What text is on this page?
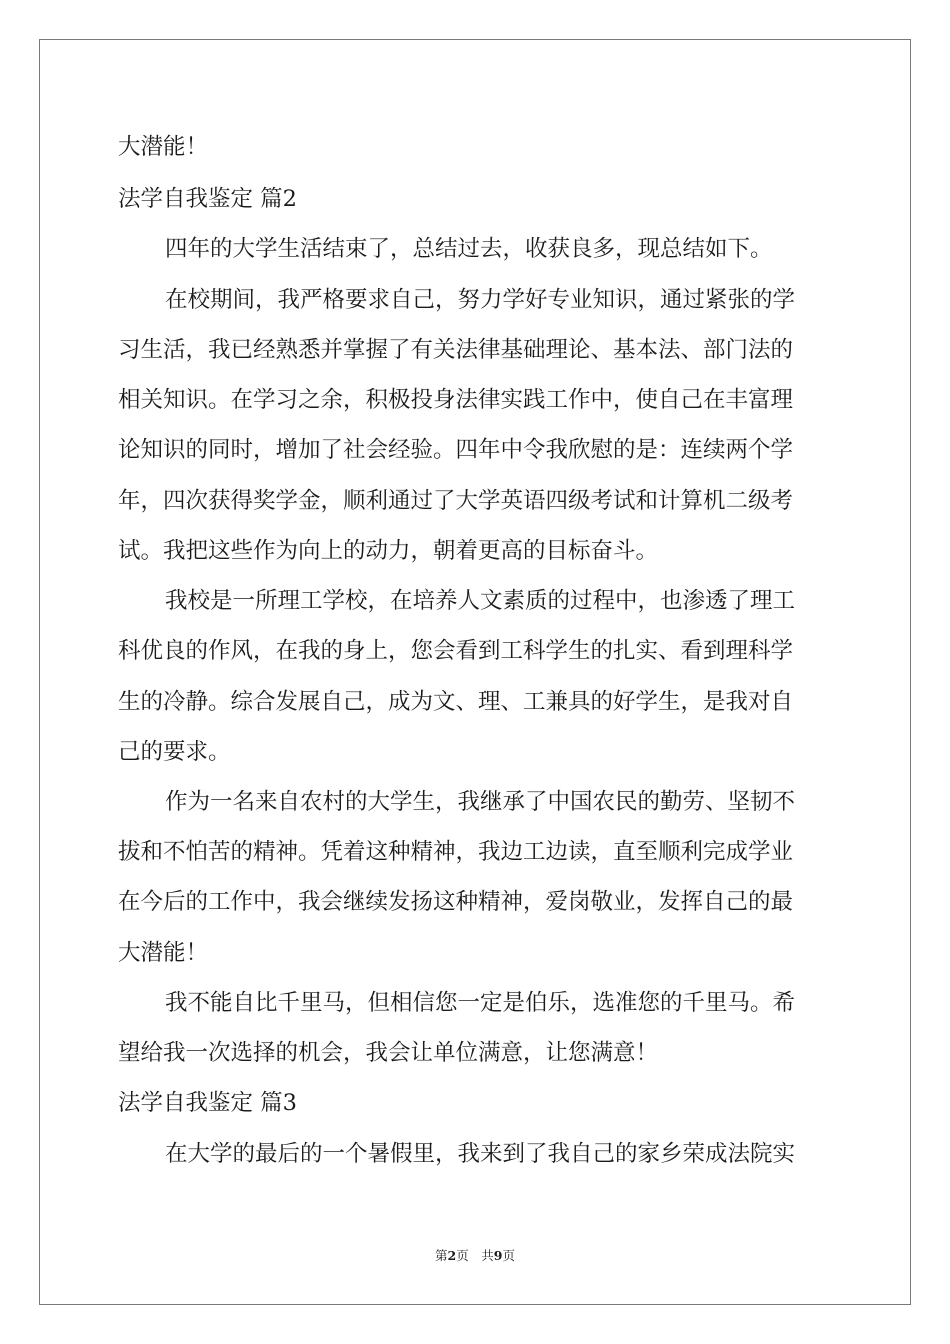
大潜能！

法学自我鉴定 篇2

四年的大学生活结束了，总结过去，收获良多，现总结如下。

在校期间，我严格要求自己，努力学好专业知识，通过紧张的学

习生活，我已经熟悉并掌握了有关法律基础理论、基本法、部门法的

相关知识。在学习之余，积极投身法律实践工作中，使自己在丰富理

论知识的同时，增加了社会经验。四年中令我欣慰的是：连续两个学

年，四次获得奖学金，顺利通过了大学英语四级考试和计算机二级考

试。我把这些作为向上的动力，朝着更高的目标奋斗。

我校是一所理工学校，在培养人文素质的过程中，也渗透了理工

科优良的作风，在我的身上，您会看到工科学生的扎实、看到理科学

生的冷静。综合发展自己，成为文、理、工兼具的好学生，是我对自

己的要求。

作为一名来自农村的大学生，我继承了中国农民的勤劳、坚韧不

拔和不怕苦的精神。凭着这种精神，我边工边读，直至顺利完成学业

在今后的工作中，我会继续发扬这种精神，爱岗敬业，发挥自己的最

大潜能！

我不能自比千里马，但相信您一定是伯乐，选准您的千里马。希

望给我一次选择的机会，我会让单位满意，让您满意！

法学自我鉴定 篇3

在大学的最后的一个暑假里，我来到了我自己的家乡荣成法院实

第2页　共9页
